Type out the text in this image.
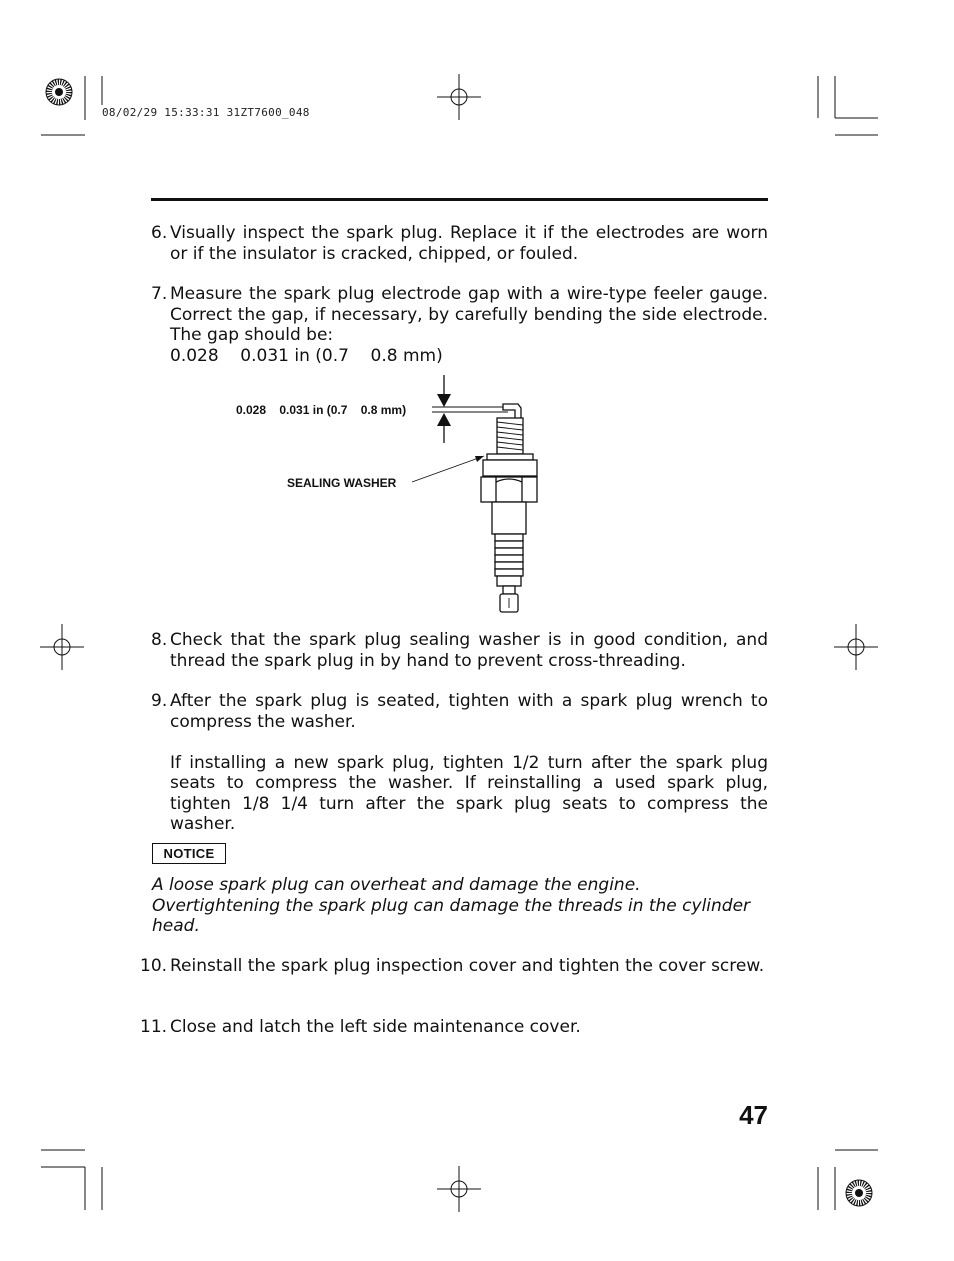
08/02/29 15:33:31 31ZT7600_048
6. Visually inspect the spark plug. Replace it if the electrodes are worn or if the insulator is cracked, chipped, or fouled.

7. Measure the spark plug electrode gap with a wire-type feeler gauge. Correct the gap, if necessary, by carefully bending the side electrode. The gap should be:

0.028    0.031 in (0.7    0.8 mm)

0.028    0.031 in (0.7    0.8 mm)
SEALING WASHER
8. Check that the spark plug sealing washer is in good condition, and thread the spark plug in by hand to prevent cross-threading.

9. After the spark plug is seated, tighten with a spark plug wrench to compress the washer.

If installing a new spark plug, tighten 1/2 turn after the spark plug seats to compress the washer. If reinstalling a used spark plug, tighten 1/8 1/4 turn after the spark plug seats to compress the washer.

NOTICE
A loose spark plug can overheat and damage the engine. Overtightening the spark plug can damage the threads in the cylinder head.
10. Reinstall the spark plug inspection cover and tighten the cover screw.

11. Close and latch the left side maintenance cover.

47
